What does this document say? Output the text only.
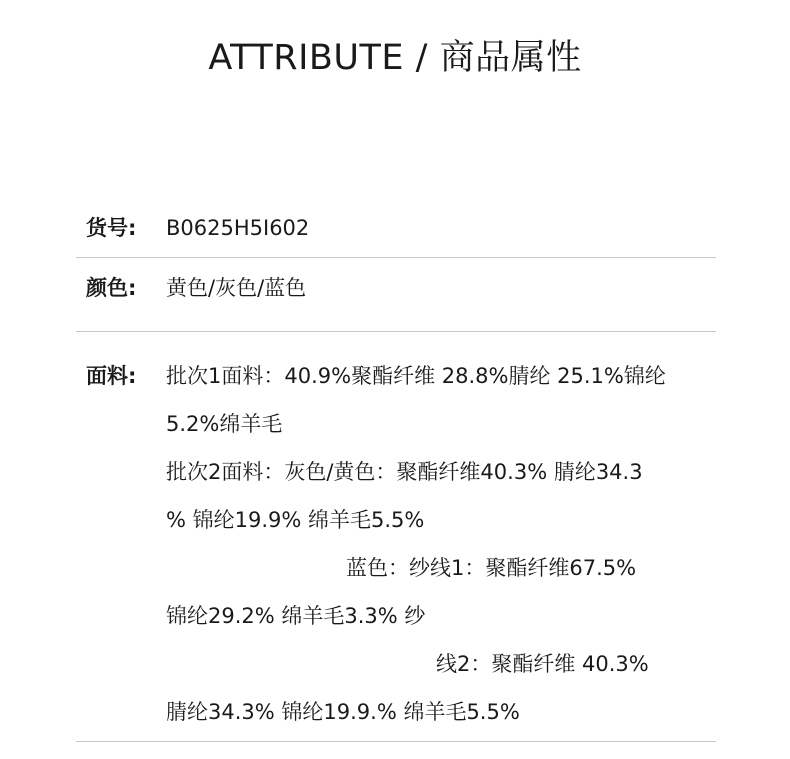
ATTRIBUTE / 商品属性
货号:	B0625H5I602
颜色:	黄色/灰色/蓝色
面料:	批次1面料：40.9%聚酯纤维 28.8%腈纶 25.1%锦纶
5.2%绵羊毛
批次2面料：灰色/黄色：聚酯纤维40.3% 腈纶34.3
% 锦纶19.9% 绵羊毛5.5%
蓝色：纱线1：聚酯纤维67.5%
锦纶29.2% 绵羊毛3.3% 纱
线2：聚酯纤维 40.3%
腈纶34.3% 锦纶19.9.% 绵羊毛5.5%
